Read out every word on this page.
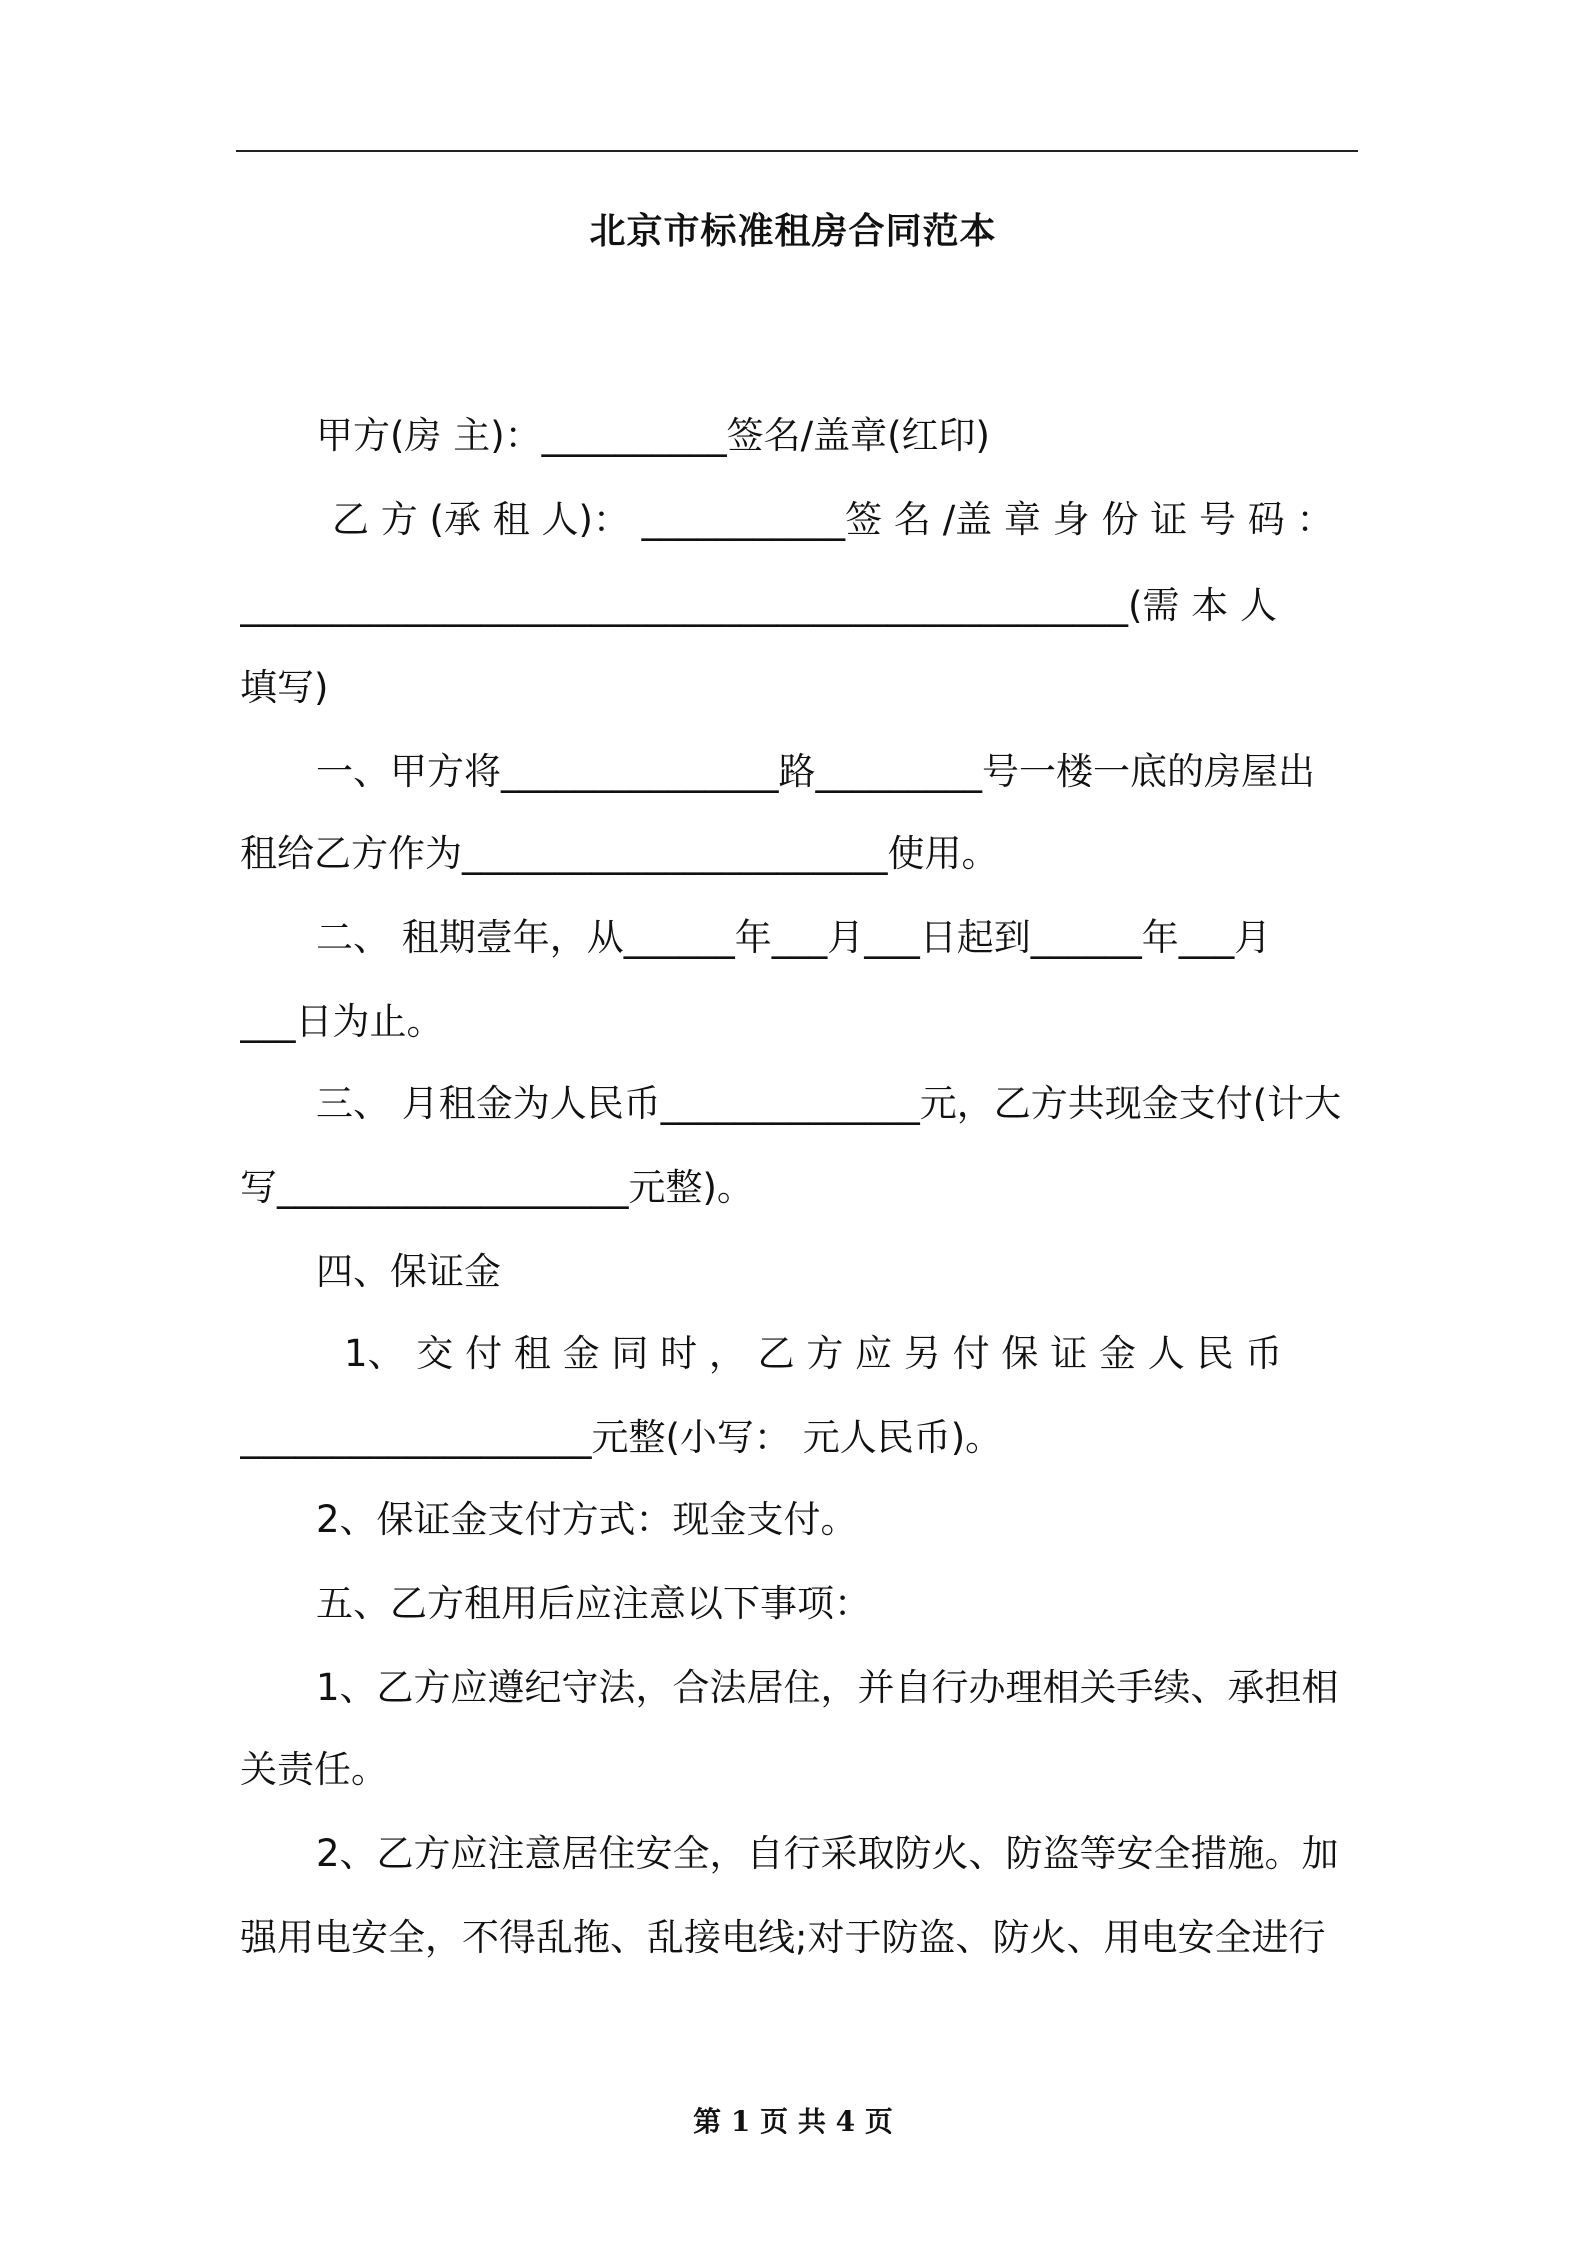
北京市标准租房合同范本
甲方(房 主)：__________签名/盖章(红印)
乙 方 (承 租 人)： ___________签 名 /盖 章 身 份 证 号 码 ：
________________________________________________(需 本 人
填写)
一、甲方将_______________路_________号一楼一底的房屋出
租给乙方作为_______________________使用。
二、 租期壹年，从______年___月___日起到______年___月
___日为止。
三、 月租金为人民币______________元，乙方共现金支付(计大
写___________________元整)。
四、保证金
1、 交 付 租 金 同 时 ， 乙 方 应 另 付 保 证 金 人 民 币
___________________元整(小写： 元人民币)。
2、保证金支付方式：现金支付。
五、乙方租用后应注意以下事项：
1、乙方应遵纪守法，合法居住，并自行办理相关手续、承担相
关责任。
2、乙方应注意居住安全，自行采取防火、防盗等安全措施。加
强用电安全，不得乱拖、乱接电线;对于防盗、防火、用电安全进行
第 1 页 共 4 页
